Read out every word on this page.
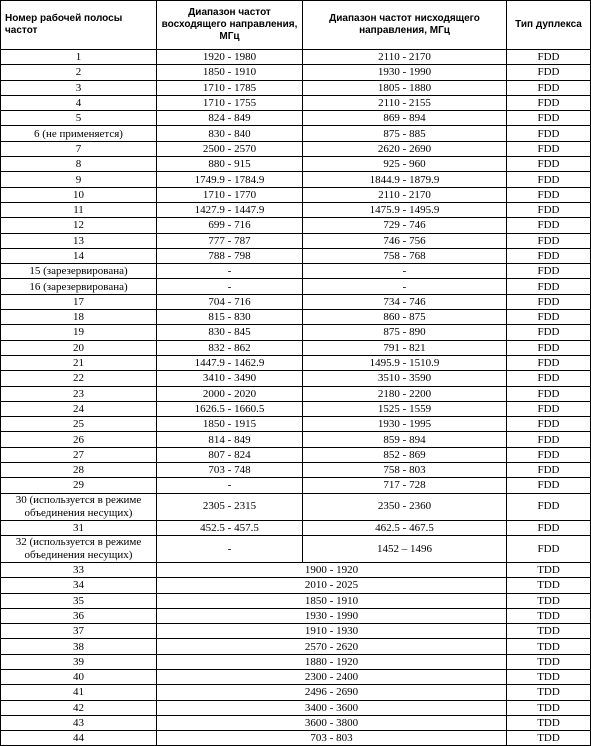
Номер рабочей полосы частот	Диапазон частот восходящего направления, МГц	Диапазон частот нисходящего направления, МГц	Тип дуплекса
1	1920 - 1980	2110 - 2170	FDD
2	1850 - 1910	1930 - 1990	FDD
3	1710 - 1785	1805 - 1880	FDD
4	1710 - 1755	2110 - 2155	FDD
5	824 - 849	869 - 894	FDD
6 (не применяется)	830 - 840	875 - 885	FDD
7	2500 - 2570	2620 - 2690	FDD
8	880 - 915	925 - 960	FDD
9	1749.9 - 1784.9	1844.9 - 1879.9	FDD
10	1710 - 1770	2110 - 2170	FDD
11	1427.9 - 1447.9	1475.9 - 1495.9	FDD
12	699 - 716	729 - 746	FDD
13	777 - 787	746 - 756	FDD
14	788 - 798	758 - 768	FDD
15 (зарезервирована)	-	-	FDD
16 (зарезервирована)	-	-	FDD
17	704 - 716	734 - 746	FDD
18	815 - 830	860 - 875	FDD
19	830 - 845	875 - 890	FDD
20	832 - 862	791 - 821	FDD
21	1447.9 - 1462.9	1495.9 - 1510.9	FDD
22	3410 - 3490	3510 - 3590	FDD
23	2000 - 2020	2180 - 2200	FDD
24	1626.5 - 1660.5	1525 - 1559	FDD
25	1850 - 1915	1930 - 1995	FDD
26	814 - 849	859 - 894	FDD
27	807 - 824	852 - 869	FDD
28	703 - 748	758 - 803	FDD
29	-	717 - 728	FDD
30 (используется в режиме объединения несущих)	2305 - 2315	2350 - 2360	FDD
31	452.5 - 457.5	462.5 - 467.5	FDD
32 (используется в режиме объединения несущих)	-	1452 – 1496	FDD
33	1900 - 1920		TDD
34	2010 - 2025		TDD
35	1850 - 1910		TDD
36	1930 - 1990		TDD
37	1910 - 1930		TDD
38	2570 - 2620		TDD
39	1880 - 1920		TDD
40	2300 - 2400		TDD
41	2496 - 2690		TDD
42	3400 - 3600		TDD
43	3600 - 3800		TDD
44	703 - 803		TDD
